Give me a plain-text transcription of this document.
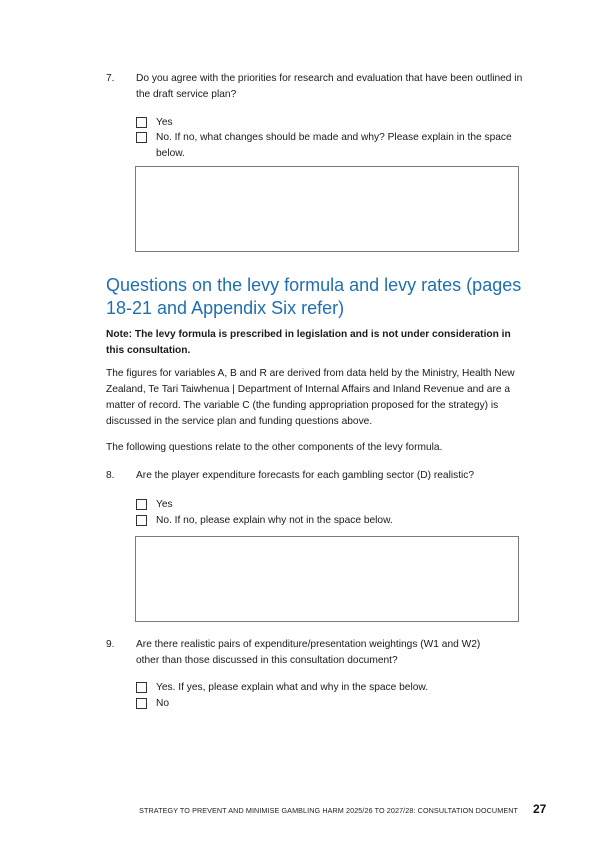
7. Do you agree with the priorities for research and evaluation that have been outlined in the draft service plan?
Yes
No. If no, what changes should be made and why? Please explain in the space below.
Questions on the levy formula and levy rates (pages 18-21 and Appendix Six refer)
Note: The levy formula is prescribed in legislation and is not under consideration in this consultation.
The figures for variables A, B and R are derived from data held by the Ministry, Health New Zealand, Te Tari Taiwhenua | Department of Internal Affairs and Inland Revenue and are a matter of record. The variable C (the funding appropriation proposed for the strategy) is discussed in the service plan and funding questions above.
The following questions relate to the other components of the levy formula.
8. Are the player expenditure forecasts for each gambling sector (D) realistic?
Yes
No. If no, please explain why not in the space below.
9. Are there realistic pairs of expenditure/presentation weightings (W1 and W2) other than those discussed in this consultation document?
Yes. If yes, please explain what and why in the space below.
No
STRATEGY TO PREVENT AND MINIMISE GAMBLING HARM 2025/26 TO 2027/28: CONSULTATION DOCUMENT 27
